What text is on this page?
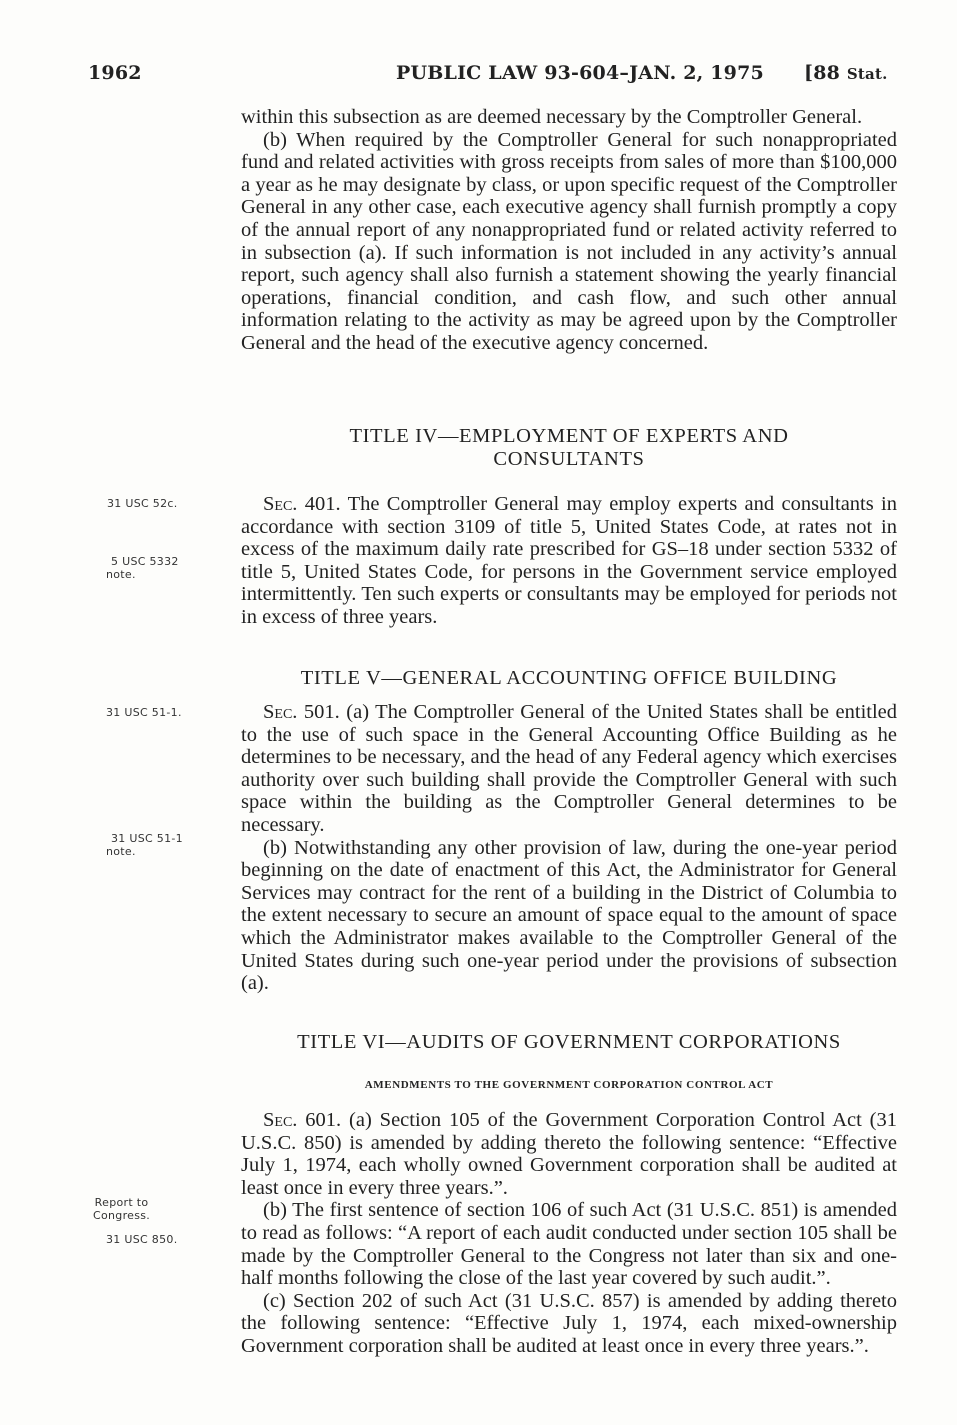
1962	PUBLIC LAW 93-604–JAN. 2, 1975 [88 Stat.

within this subsection as are deemed necessary by the Comptroller General.

(b) When required by the Comptroller General for such nonappropriated fund and related activities with gross receipts from sales of more than $100,000 a year as he may designate by class, or upon specific request of the Comptroller General in any other case, each executive agency shall furnish promptly a copy of the annual report of any nonappropriated fund or related activity referred to in subsection (a). If such information is not included in any activity’s annual report, such agency shall also furnish a statement showing the yearly financial operations, financial condition, and cash flow, and such other annual information relating to the activity as may be agreed upon by the Comptroller General and the head of the executive agency concerned.

TITLE IV—EMPLOYMENT OF EXPERTS AND
CONSULTANTS

Sec. 401. The Comptroller General may employ experts and consultants in accordance with section 3109 of title 5, United States Code, at rates not in excess of the maximum daily rate prescribed for GS–18 under section 5332 of title 5, United States Code, for persons in the Government service employed intermittently. Ten such experts or consultants may be employed for periods not in excess of three years.

TITLE V—GENERAL ACCOUNTING OFFICE BUILDING

Sec. 501. (a) The Comptroller General of the United States shall be entitled to the use of such space in the General Accounting Office Building as he determines to be necessary, and the head of any Federal agency which exercises authority over such building shall provide the Comptroller General with such space within the building as the Comptroller General determines to be necessary.

(b) Notwithstanding any other provision of law, during the one-year period beginning on the date of enactment of this Act, the Administrator for General Services may contract for the rent of a building in the District of Columbia to the extent necessary to secure an amount of space equal to the amount of space which the Administrator makes available to the Comptroller General of the United States during such one-year period under the provisions of subsection (a).

TITLE VI—AUDITS OF GOVERNMENT CORPORATIONS
AMENDMENTS TO THE GOVERNMENT CORPORATION CONTROL ACT

Sec. 601. (a) Section 105 of the Government Corporation Control Act (31 U.S.C. 850) is amended by adding thereto the following sentence: “Effective July 1, 1974, each wholly owned Government corporation shall be audited at least once in every three years.”.

(b) The first sentence of section 106 of such Act (31 U.S.C. 851) is amended to read as follows: “A report of each audit conducted under section 105 shall be made by the Comptroller General to the Congress not later than six and one-half months following the close of the last year covered by such audit.”.

(c) Section 202 of such Act (31 U.S.C. 857) is amended by adding thereto the following sentence: “Effective July 1, 1974, each mixed-ownership Government corporation shall be audited at least once in every three years.”.

31 USC 52c.
5 USC 5332
note.
31 USC 51-1.
31 USC 51-1
note.
Report to
Congress.
31 USC 850.
